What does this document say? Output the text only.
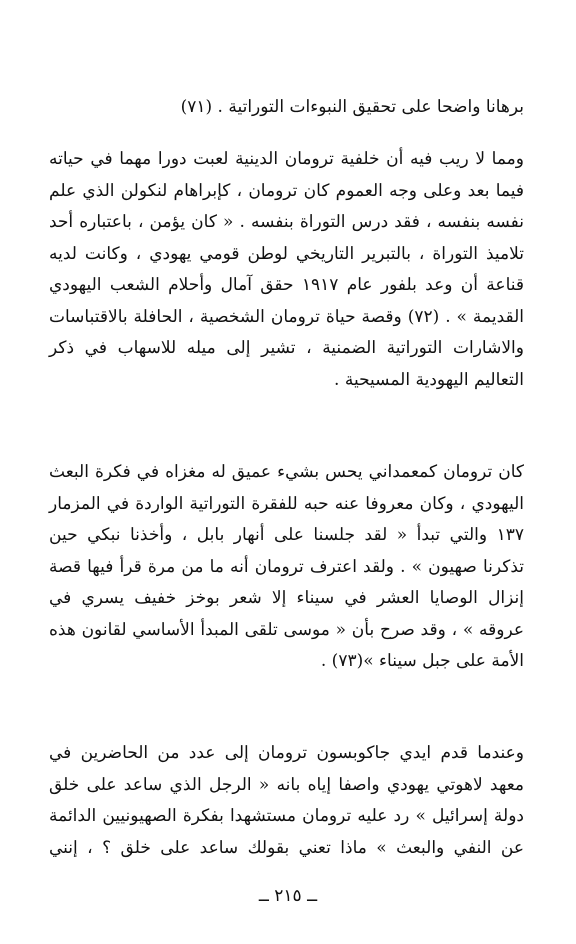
برهانا واضحا على تحقيق النبوءات التوراتية . (٧١)

ومما لا ريب فيه أن خلفية ترومان الدينية لعبت دورا مهما في حياته
فيما بعد وعلى وجه العموم كان ترومان ، كإبراهام لنكولن الذي علم
نفسه بنفسه ، فقد درس التوراة بنفسه . « كان يؤمن ، باعتباره أحد
تلاميذ التوراة ، بالتبرير التاريخي لوطن قومي يهودي ، وكانت لديه
قناعة أن وعد بلفور عام ١٩١٧ حقق آمال وأحلام الشعب اليهودي
القديمة » . (٧٢) وقصة حياة ترومان الشخصية ، الحافلة بالاقتباسات
والاشارات التوراتية الضمنية ، تشير إلى ميله للاسهاب في ذكر
التعاليم اليهودية المسيحية .

كان ترومان كمعمداني يحس بشيء عميق له مغزاه في فكرة البعث
اليهودي ، وكان معروفا عنه حبه للفقرة التوراتية الواردة في المزمار
١٣٧ والتي تبدأ « لقد جلسنا على أنهار بابل ، وأخذنا نبكي حين
تذكرنا صهيون » . ولقد اعترف ترومان أنه ما من مرة قرأ فيها قصة
إنزال الوصايا العشر في سيناء إلا شعر بوخز خفيف يسري في
عروقه » ، وقد صرح بأن « موسى تلقى المبدأ الأساسي لقانون هذه
الأمة على جبل سيناء »(٧٣) .

وعندما قدم ايدي جاكوبسون ترومان إلى عدد من الحاضرين في
معهد لاهوتي يهودي واصفا إياه بانه « الرجل الذي ساعد على خلق
دولة إسرائيل » رد عليه ترومان مستشهدا بفكرة الصهيونيين الدائمة
عن النفي والبعث » ماذا تعني بقولك ساعد على خلق ؟ ، إنني

ــ ٢١٥ ــ
